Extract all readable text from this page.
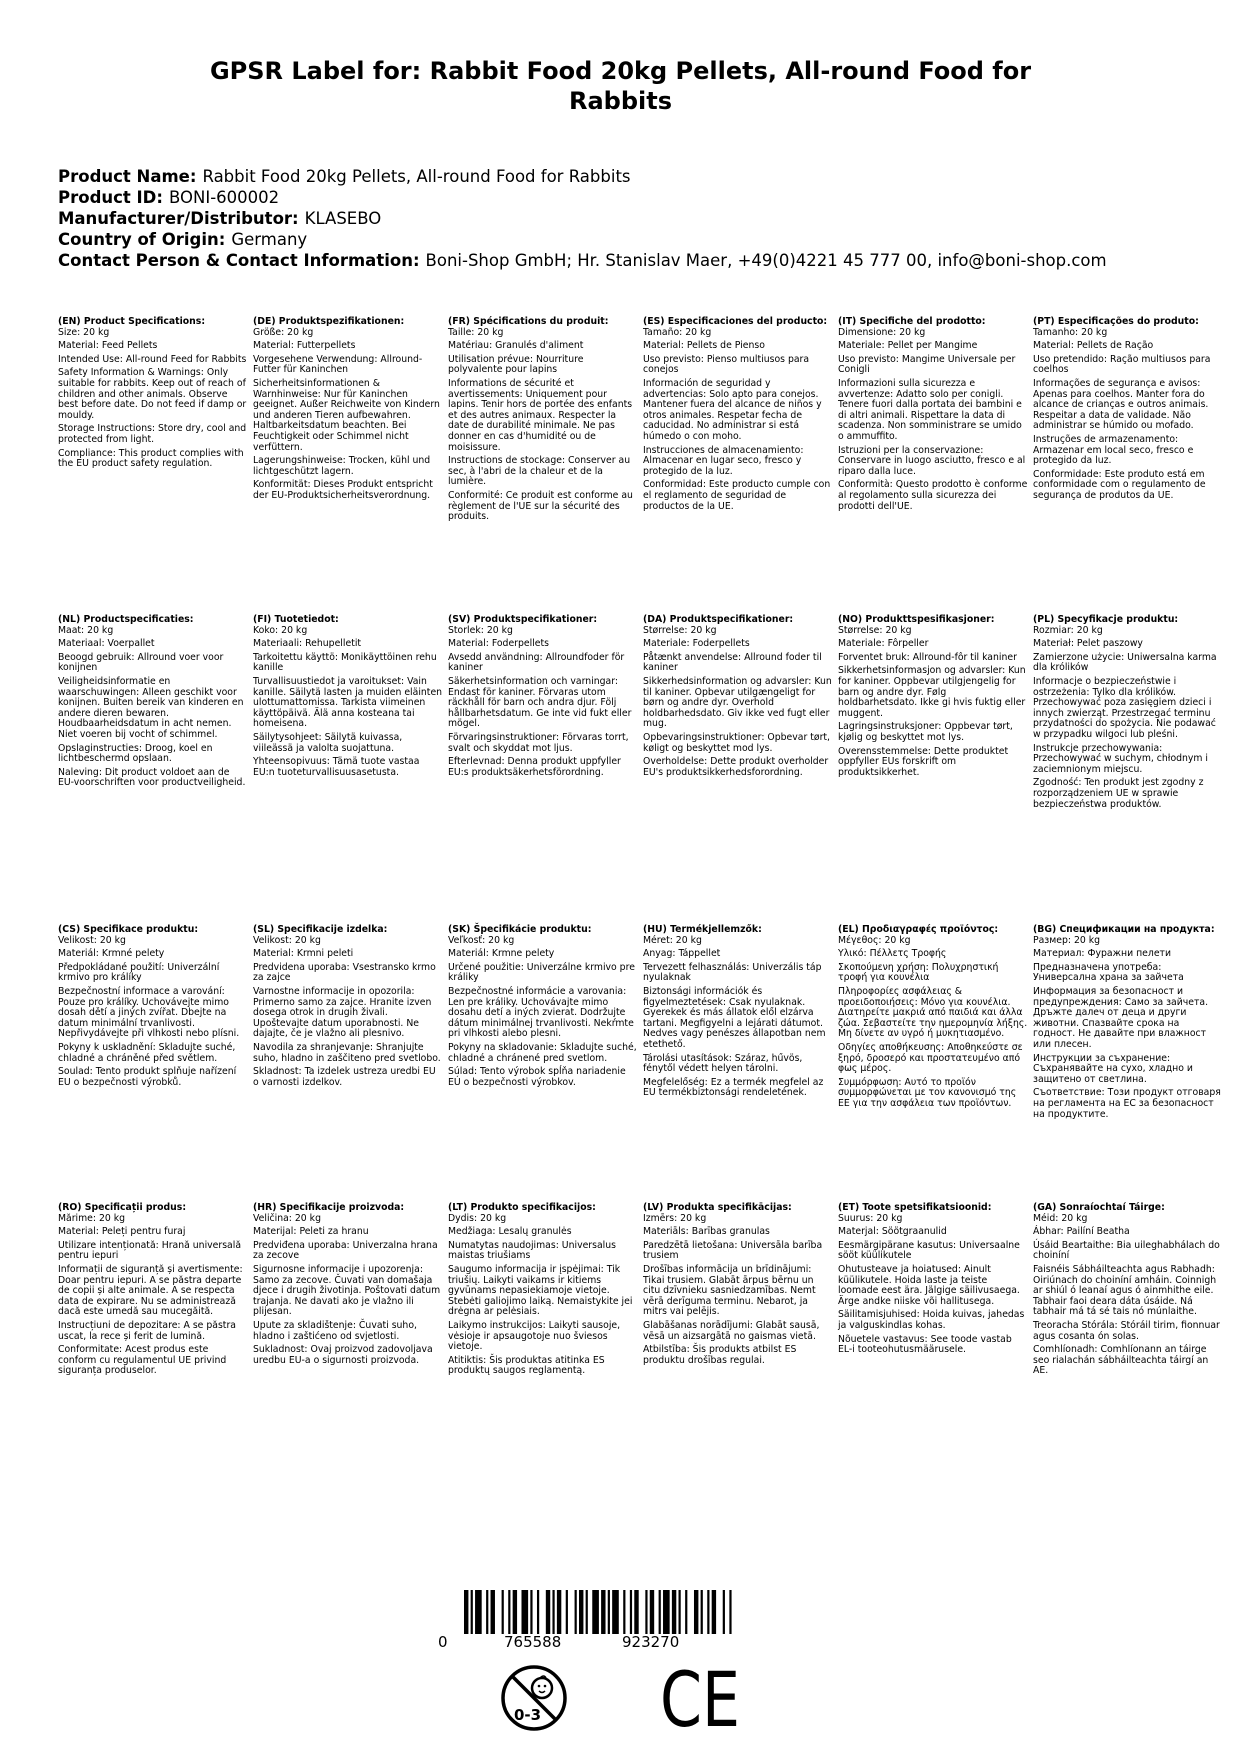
GPSR Label for: Rabbit Food 20kg Pellets, All-round Food for Rabbits
Product Name: Rabbit Food 20kg Pellets, All-round Food for Rabbits
Product ID: BONI-600002
Manufacturer/Distributor: KLASEBO
Country of Origin: Germany
Contact Person & Contact Information: Boni-Shop GmbH; Hr. Stanislav Maer, +49(0)4221 45 777 00, info@boni-shop.com
(EN) Product Specifications:
Size: 20 kg
Material: Feed Pellets
Intended Use: All-round Feed for Rabbits
Safety Information & Warnings: Only suitable for rabbits. Keep out of reach of children and other animals. Observe best before date. Do not feed if damp or mouldy.
Storage Instructions: Store dry, cool and protected from light.
Compliance: This product complies with the EU product safety regulation.
(DE) Produktspezifikationen:
Größe: 20 kg
Material: Futterpellets
Vorgesehene Verwendung: Allround-Futter für Kaninchen
Sicherheitsinformationen & Warnhinweise: Nur für Kaninchen geeignet. Außer Reichweite von Kindern und anderen Tieren aufbewahren. Haltbarkeitsdatum beachten. Bei Feuchtigkeit oder Schimmel nicht verfüttern.
Lagerungshinweise: Trocken, kühl und lichtgeschützt lagern.
Konformität: Dieses Produkt entspricht der EU-Produktsicherheitsverordnung.
(FR) Spécifications du produit:
Taille: 20 kg
Matériau: Granulés d'aliment
Utilisation prévue: Nourriture polyvalente pour lapins
Informations de sécurité et avertissements: Uniquement pour lapins. Tenir hors de portée des enfants et des autres animaux. Respecter la date de durabilité minimale. Ne pas donner en cas d'humidité ou de moisissure.
Instructions de stockage: Conserver au sec, à l'abri de la chaleur et de la lumière.
Conformité: Ce produit est conforme au règlement de l'UE sur la sécurité des produits.
(ES) Especificaciones del producto:
Tamaño: 20 kg
Material: Pellets de Pienso
Uso previsto: Pienso multiusos para conejos
Información de seguridad y advertencias: Solo apto para conejos. Mantener fuera del alcance de niños y otros animales. Respetar fecha de caducidad. No administrar si está húmedo o con moho.
Instrucciones de almacenamiento: Almacenar en lugar seco, fresco y protegido de la luz.
Conformidad: Este producto cumple con el reglamento de seguridad de productos de la UE.
(IT) Specifiche del prodotto:
Dimensione: 20 kg
Materiale: Pellet per Mangime
Uso previsto: Mangime Universale per Conigli
Informazioni sulla sicurezza e avvertenze: Adatto solo per conigli. Tenere fuori dalla portata dei bambini e di altri animali. Rispettare la data di scadenza. Non somministrare se umido o ammuffito.
Istruzioni per la conservazione: Conservare in luogo asciutto, fresco e al riparo dalla luce.
Conformità: Questo prodotto è conforme al regolamento sulla sicurezza dei prodotti dell'UE.
(PT) Especificações do produto:
Tamanho: 20 kg
Material: Pellets de Ração
Uso pretendido: Ração multiusos para coelhos
Informações de segurança e avisos: Apenas para coelhos. Manter fora do alcance de crianças e outros animais. Respeitar a data de validade. Não administrar se húmido ou mofado.
Instruções de armazenamento: Armazenar em local seco, fresco e protegido da luz.
Conformidade: Este produto está em conformidade com o regulamento de segurança de produtos da UE.
(NL) Productspecificaties:
Maat: 20 kg
Materiaal: Voerpallet
Beoogd gebruik: Allround voer voor konijnen
Veiligheidsinformatie en waarschuwingen: Alleen geschikt voor konijnen. Buiten bereik van kinderen en andere dieren bewaren. Houdbaarheidsdatum in acht nemen. Niet voeren bij vocht of schimmel.
Opslaginstructies: Droog, koel en lichtbeschermd opslaan.
Naleving: Dit product voldoet aan de EU-voorschriften voor productveiligheid.
(FI) Tuotetiedot:
Koko: 20 kg
Materiaali: Rehupelletit
Tarkoitettu käyttö: Monikäyttöinen rehu kanille
Turvallisuustiedot ja varoitukset: Vain kanille. Säilytä lasten ja muiden eläinten ulottumattomissa. Tarkista viimeinen käyttöpäivä. Älä anna kosteana tai homeisena.
Säilytysohjeet: Säilytä kuivassa, viileässä ja valolta suojattuna.
Yhteensopivuus: Tämä tuote vastaa EU:n tuoteturvallisuusasetusta.
(SV) Produktspecifikationer:
Storlek: 20 kg
Material: Foderpellets
Avsedd användning: Allroundfoder för kaniner
Säkerhetsinformation och varningar: Endast för kaniner. Förvaras utom räckhåll för barn och andra djur. Följ hållbarhetsdatum. Ge inte vid fukt eller mögel.
Förvaringsinstruktioner: Förvaras torrt, svalt och skyddat mot ljus.
Efterlevnad: Denna produkt uppfyller EU:s produktsäkerhetsförordning.
(DA) Produktspecifikationer:
Størrelse: 20 kg
Materiale: Foderpellets
Påtænkt anvendelse: Allround foder til kaniner
Sikkerhedsinformation og advarsler: Kun til kaniner. Opbevar utilgængeligt for børn og andre dyr. Overhold holdbarhedsdato. Giv ikke ved fugt eller mug.
Opbevaringsinstruktioner: Opbevar tørt, køligt og beskyttet mod lys.
Overholdelse: Dette produkt overholder EU's produktsikkerhedsforordning.
(NO) Produkttspesifikasjoner:
Størrelse: 20 kg
Materiale: Fôrpeller
Forventet bruk: Allround-fôr til kaniner
Sikkerhetsinformasjon og advarsler: Kun for kaniner. Oppbevar utilgjengelig for barn og andre dyr. Følg holdbarhetsdato. Ikke gi hvis fuktig eller muggent.
Lagringsinstruksjoner: Oppbevar tørt, kjølig og beskyttet mot lys.
Overensstemmelse: Dette produktet oppfyller EUs forskrift om produktsikkerhet.
(PL) Specyfikacje produktu:
Rozmiar: 20 kg
Materiał: Pelet paszowy
Zamierzone użycie: Uniwersalna karma dla królików
Informacje o bezpieczeństwie i ostrzeżenia: Tylko dla królików. Przechowywać poza zasięgiem dzieci i innych zwierząt. Przestrzegać terminu przydatności do spożycia. Nie podawać w przypadku wilgoci lub pleśni.
Instrukcje przechowywania: Przechowywać w suchym, chłodnym i zaciemnionym miejscu.
Zgodność: Ten produkt jest zgodny z rozporządzeniem UE w sprawie bezpieczeństwa produktów.
(CS) Specifikace produktu:
Velikost: 20 kg
Materiál: Krmné pelety
Předpokládané použití: Univerzální krmivo pro králíky
Bezpečnostní informace a varování: Pouze pro králíky. Uchovávejte mimo dosah dětí a jiných zvířat. Dbejte na datum minimální trvanlivosti. Nepřivydávejte při vlhkosti nebo plísni.
Pokyny k uskladnění: Skladujte suché, chladné a chráněné před světlem.
Soulad: Tento produkt splňuje nařízení EU o bezpečnosti výrobků.
(SL) Specifikacije izdelka:
Velikost: 20 kg
Material: Krmni peleti
Predvidena uporaba: Vsestransko krmo za zajce
Varnostne informacije in opozorila: Primerno samo za zajce. Hranite izven dosega otrok in drugih živali. Upoštevajte datum uporabnosti. Ne dajajte, če je vlažno ali plesnivo.
Navodila za shranjevanje: Shranjujte suho, hladno in zaščiteno pred svetlobo.
Skladnost: Ta izdelek ustreza uredbi EU o varnosti izdelkov.
(SK) Špecifikácie produktu:
Veľkosť: 20 kg
Materiál: Krmne pelety
Určené použitie: Univerzálne krmivo pre králiky
Bezpečnostné informácie a varovania: Len pre králiky. Uchovávajte mimo dosahu detí a iných zvierat. Dodržujte dátum minimálnej trvanlivosti. Nekŕmte pri vlhkosti alebo plesni.
Pokyny na skladovanie: Skladujte suché, chladné a chránené pred svetlom.
Súlad: Tento výrobok spĺňa nariadenie EÚ o bezpečnosti výrobkov.
(HU) Termékjellemzők:
Méret: 20 kg
Anyag: Táppellet
Tervezett felhasználás: Univerzális táp nyulaknak
Biztonsági információk és figyelmeztetések: Csak nyulaknak. Gyerekek és más állatok elől elzárva tartani. Megfigyelni a lejárati dátumot. Nedves vagy penészes állapotban nem etethető.
Tárolási utasítások: Száraz, hűvös, fénytől védett helyen tárolni.
Megfelelőség: Ez a termék megfelel az EU termékbiztonsági rendeletének.
(EL) Προδιαγραφές προϊόντος:
Μέγεθος: 20 kg
Υλικό: Πέλλετς Τροφής
Σκοπούμενη χρήση: Πολυχρηστική τροφή για κουνέλια
Πληροφορίες ασφάλειας & προειδοποιήσεις: Μόνο για κουνέλια. Διατηρείτε μακριά από παιδιά και άλλα ζώα. Σεβαστείτε την ημερομηνία λήξης. Μη δίνετε αν υγρό ή μυκητιασμένο.
Οδηγίες αποθήκευσης: Αποθηκεύστε σε ξηρό, δροσερό και προστατευμένο από φως μέρος.
Συμμόρφωση: Αυτό το προϊόν συμμορφώνεται με τον κανονισμό της ΕΕ για την ασφάλεια των προϊόντων.
(BG) Спецификации на продукта:
Размер: 20 kg
Материал: Фуражни пелети
Предназначена употреба: Универсална храна за зайчета
Информация за безопасност и предупреждения: Само за зайчета. Дръжте далеч от деца и други животни. Спазвайте срока на годност. Не давайте при влажност или плесен.
Инструкции за съхранение: Съхранявайте на сухо, хладно и защитено от светлина.
Съответствие: Този продукт отговаря на регламента на ЕС за безопасност на продуктите.
(RO) Specificații produs:
Mărime: 20 kg
Material: Peleți pentru furaj
Utilizare intenționată: Hrană universală pentru iepuri
Informații de siguranță și avertismente: Doar pentru iepuri. A se păstra departe de copii și alte animale. A se respecta data de expirare. Nu se administrează dacă este umedă sau mucegăită.
Instrucțiuni de depozitare: A se păstra uscat, la rece și ferit de lumină.
Conformitate: Acest produs este conform cu regulamentul UE privind siguranța produselor.
(HR) Specifikacije proizvoda:
Veličina: 20 kg
Materijal: Peleti za hranu
Predviđena uporaba: Univerzalna hrana za zecove
Sigurnosne informacije i upozorenja: Samo za zecove. Čuvati van domašaja djece i drugih životinja. Poštovati datum trajanja. Ne davati ako je vlažno ili plijesan.
Upute za skladištenje: Čuvati suho, hladno i zaštićeno od svjetlosti.
Sukladnost: Ovaj proizvod zadovoljava uredbu EU-a o sigurnosti proizvoda.
(LT) Produkto specifikacijos:
Dydis: 20 kg
Medžiaga: Lesalų granulės
Numatytas naudojimas: Universalus maistas triušiams
Saugumo informacija ir įspėjimai: Tik triušių. Laikyti vaikams ir kitiems gyvūnams nepasiekiamoje vietoje. Stebėti galiojimo laiką. Nemaistykite jei drėgna ar pelėsiais.
Laikymo instrukcijos: Laikyti sausoje, vėsioje ir apsaugotoje nuo šviesos vietoje.
Atitiktis: Šis produktas atitinka ES produktų saugos reglamentą.
(LV) Produkta specifikācijas:
Izmērs: 20 kg
Materiāls: Barības granulas
Paredzētā lietošana: Universāla barība trusiem
Drošības informācija un brīdinājumi: Tikai trusiem. Glabāt ārpus bērnu un citu dzīvnieku sasniedzamības. Nemt vērā derīguma terminu. Nebarot, ja mitrs vai pelējis.
Glabāšanas norādījumi: Glabāt sausā, vēsā un aizsargātā no gaismas vietā.
Atbilstība: Šis produkts atbilst ES produktu drošības regulai.
(ET) Toote spetsifikatsioonid:
Suurus: 20 kg
Materjal: Söötgraanulid
Eesmärgipärane kasutus: Universaalne sööt küülikutele
Ohutusteave ja hoiatused: Ainult küülikutele. Hoida laste ja teiste loomade eest ära. Jälgige säilivusaega. Ärge andke niiske või hallitusega.
Säilitamisjuhised: Hoida kuivas, jahedas ja valguskindlas kohas.
Nõuetele vastavus: See toode vastab EL-i tooteohutusmäärusele.
(GA) Sonraíochtaí Táirge:
Méid: 20 kg
Ábhar: Pailíní Beatha
Úsáid Beartaithe: Bia uileghabhálach do choiníní
Faisnéis Sábháilteachta agus Rabhadh: Oiriúnach do choiníní amháin. Coinnigh ar shiúl ó leanaí agus ó ainmhithe eile. Tabhair faoi deara dáta úsáide. Ná tabhair má tá sé tais nó múnlaithe.
Treoracha Stórála: Stóráil tirim, fionnuar agus cosanta ón solas.
Comhlíonadh: Comhlíonann an táirge seo rialachán sábháilteachta táirgí an AE.
0	765588	923270
0-3 CE
